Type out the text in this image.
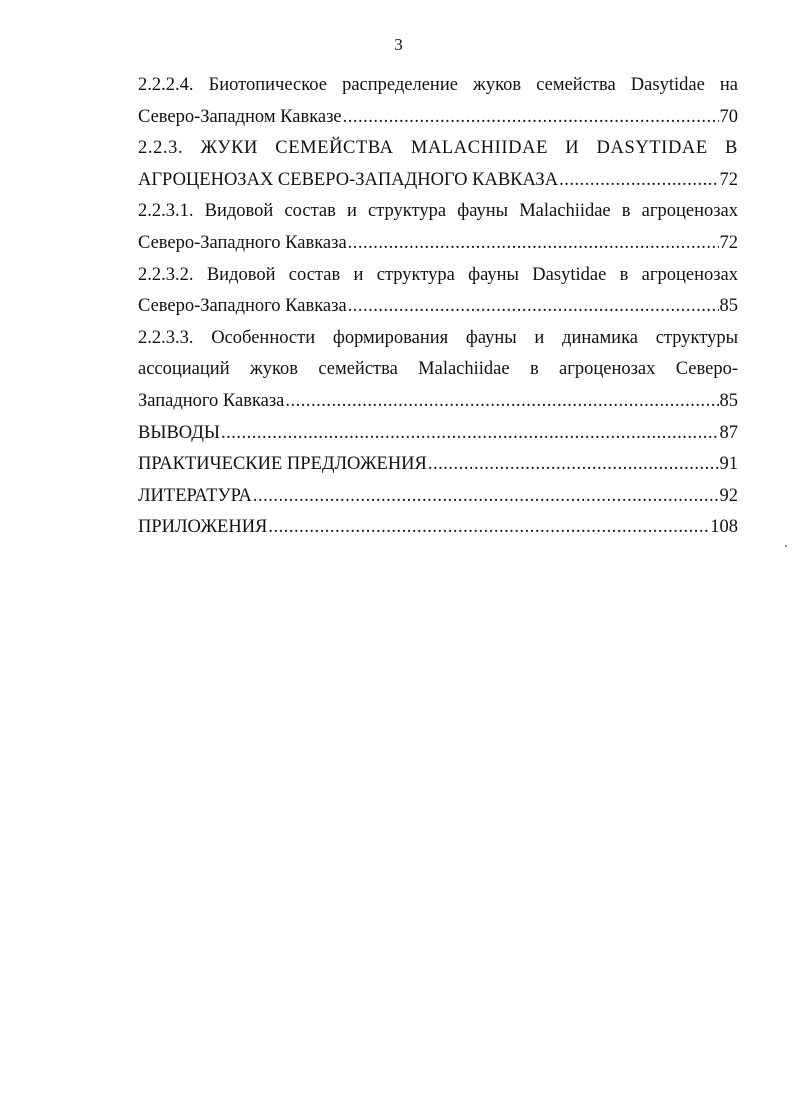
3
2.2.2.4. Биотопическое распределение жуков семейства Dasytidae на
Северо-Западном Кавказе .....	70
2.2.3. ЖУКИ СЕМЕЙСТВА MALACHIIDAE И DASYTIDAE В
АГРОЦЕНОЗАХ СЕВЕРО-ЗАПАДНОГО КАВКАЗА .....	72
2.2.3.1. Видовой состав и структура фауны Malachiidae в агроценозах
Северо-Западного Кавказа .....	72
2.2.3.2. Видовой состав и структура фауны Dasytidae в агроценозах
Северо-Западного Кавказа .....	85
2.2.3.3. Особенности формирования фауны и динамика структуры
ассоциаций жуков семейства Malachiidae в агроценозах Северо-
Западного Кавказа .....	85
ВЫВОДЫ .....	87
ПРАКТИЧЕСКИЕ ПРЕДЛОЖЕНИЯ .....	91
ЛИТЕРАТУРА .....	92
ПРИЛОЖЕНИЯ .....	108
